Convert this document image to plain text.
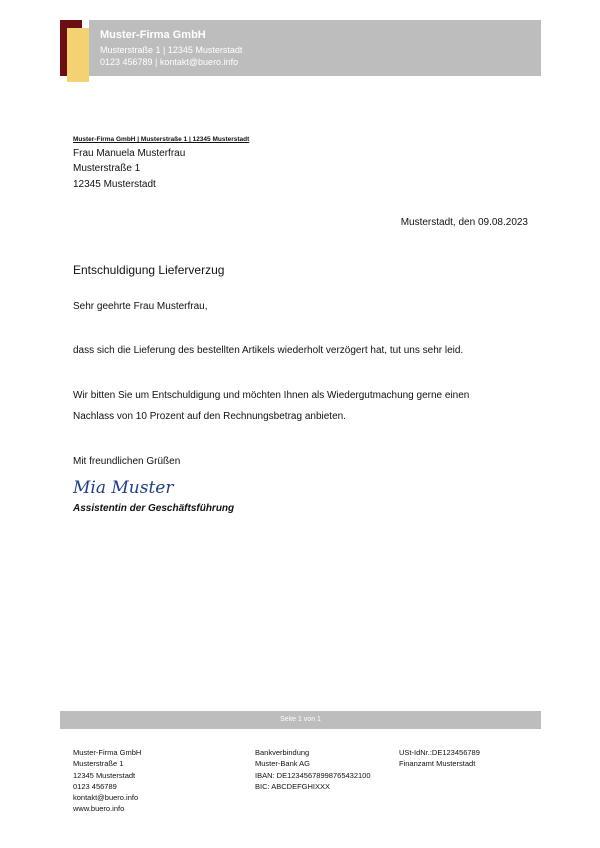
Muster-Firma GmbH
Musterstraße 1 | 12345 Musterstadt
0123 456789 | kontakt@buero.info
Muster-Firma GmbH | Musterstraße 1 | 12345 Musterstadt
Frau Manuela Musterfrau
Musterstraße 1
12345 Musterstadt
Musterstadt, den 09.08.2023
Entschuldigung Lieferverzug
Sehr geehrte Frau Musterfrau,
dass sich die Lieferung des bestellten Artikels wiederholt verzögert hat, tut uns sehr leid.
Wir bitten Sie um Entschuldigung und möchten Ihnen als Wiedergutmachung gerne einen
Nachlass von 10 Prozent auf den Rechnungsbetrag anbieten.
Mit freundlichen Grüßen
Mia Muster
Assistentin der Geschäftsführung
Seite 1 von 1
Muster-Firma GmbH
Musterstraße 1
12345 Musterstadt
0123 456789
kontakt@buero.info
www.buero.info
Bankverbindung
Muster-Bank AG
IBAN: DE12345678998765432100
BIC: ABCDEFGHIXXX
USt-IdNr.:DE123456789
Finanzamt Musterstadt
